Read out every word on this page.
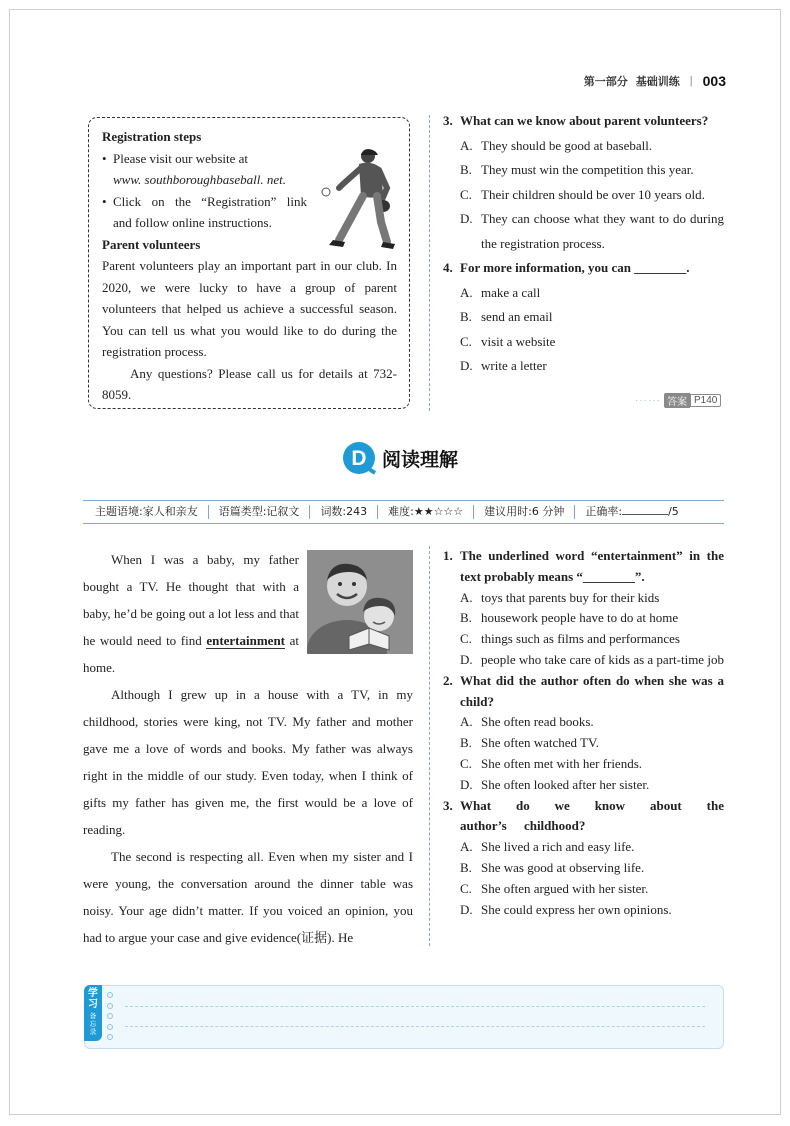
第一部分 基础训练 | 003
Registration steps
• Please visit our website at
www. southboroughbaseball. net.
• Click on the “Registration” link
and follow online instructions.
Parent volunteers
Parent volunteers play an important part in our club. In 2020, we were lucky to have a group of parent volunteers that helped us achieve a successful season. You can tell us what you would like to do during the registration process.
Any questions? Please call us for details at 732-8059.
3. What can we know about parent volunteers?
A. They should be good at baseball.
B. They must win the competition this year.
C. Their children should be over 10 years old.
D. They can choose what they want to do during the registration process.
4. For more information, you can ________.
A. make a call
B. send an email
C. visit a website
D. write a letter
······ 答案 P140
D 阅读理解
主题语境:家人和亲友	语篇类型:记叙文	词数:243	难度:★★☆☆☆	建议用时:6 分钟	正确率:	/5

When I was a baby, my father bought a TV. He thought that with a baby, he’d be going out a lot less and that he would need to find entertainment at home.

Although I grew up in a house with a TV, in my childhood, stories were king, not TV. My father and mother gave me a love of words and books. My father was always right in the middle of our study. Even today, when I think of gifts my father has given me, the first would be a love of reading.

The second is respecting all. Even when my sister and I were young, the conversation around the dinner table was noisy. Your age didn’t matter. If you voiced an opinion, you had to argue your case and give evidence(证据). He

1. The underlined word “entertainment” in the text probably means “________”.
A. toys that parents buy for their kids
B. housework people have to do at home
C. things such as films and performances
D. people who take care of kids as a part-time job
2. What did the author often do when she was a child?
A. She often read books.
B. She often watched TV.
C. She often met with her friends.
D. She often looked after her sister.
3. What do we know about the author’s childhood?
A. She lived a rich and easy life.
B. She was good at observing life.
C. She often argued with her sister.
D. She could express her own opinions.
学习
备忘录
